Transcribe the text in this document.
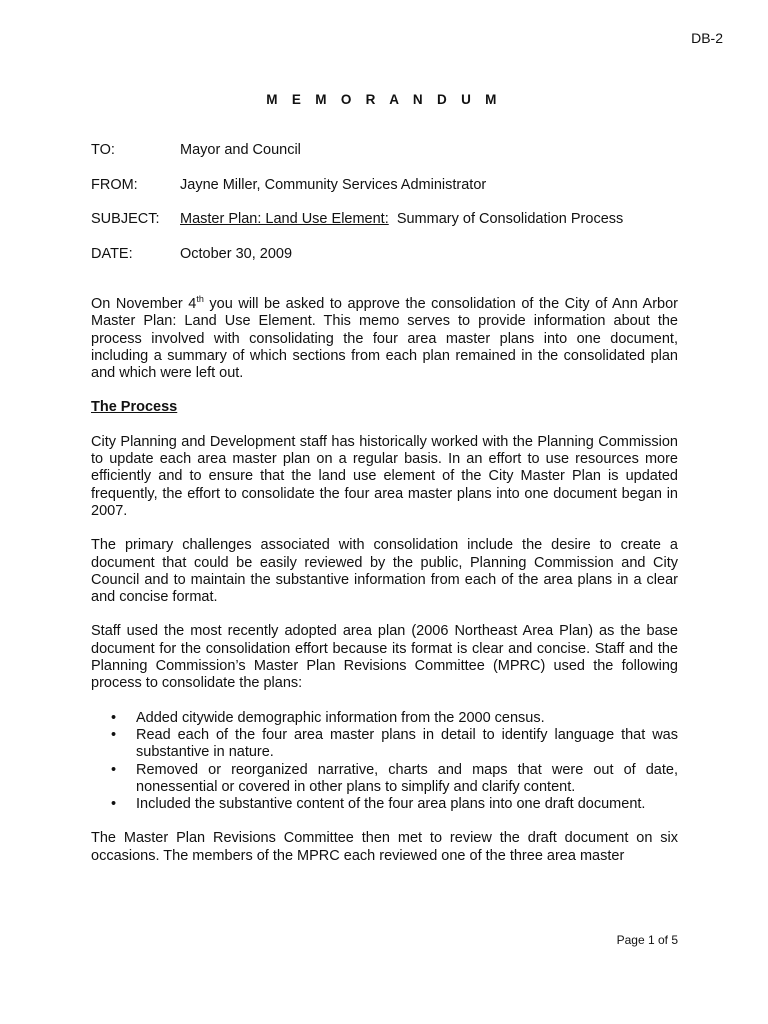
DB-2
M E M O R A N D U M
TO:	Mayor and Council
FROM:	Jayne Miller, Community Services Administrator
SUBJECT: Master Plan: Land Use Element: Summary of Consolidation Process
DATE:	October 30, 2009

On November 4th you will be asked to approve the consolidation of the City of Ann Arbor Master Plan: Land Use Element. This memo serves to provide information about the process involved with consolidating the four area master plans into one document, including a summary of which sections from each plan remained in the consolidated plan and which were left out.

The Process

City Planning and Development staff has historically worked with the Planning Commission to update each area master plan on a regular basis. In an effort to use resources more efficiently and to ensure that the land use element of the City Master Plan is updated frequently, the effort to consolidate the four area master plans into one document began in 2007.

The primary challenges associated with consolidation include the desire to create a document that could be easily reviewed by the public, Planning Commission and City Council and to maintain the substantive information from each of the area plans in a clear and concise format.

Staff used the most recently adopted area plan (2006 Northeast Area Plan) as the base document for the consolidation effort because its format is clear and concise. Staff and the Planning Commission’s Master Plan Revisions Committee (MPRC) used the following process to consolidate the plans:

• Added citywide demographic information from the 2000 census.
• Read each of the four area master plans in detail to identify language that was substantive in nature.
• Removed or reorganized narrative, charts and maps that were out of date, nonessential or covered in other plans to simplify and clarify content.
• Included the substantive content of the four area plans into one draft document.

The Master Plan Revisions Committee then met to review the draft document on six occasions. The members of the MPRC each reviewed one of the three area master

Page 1 of 5
